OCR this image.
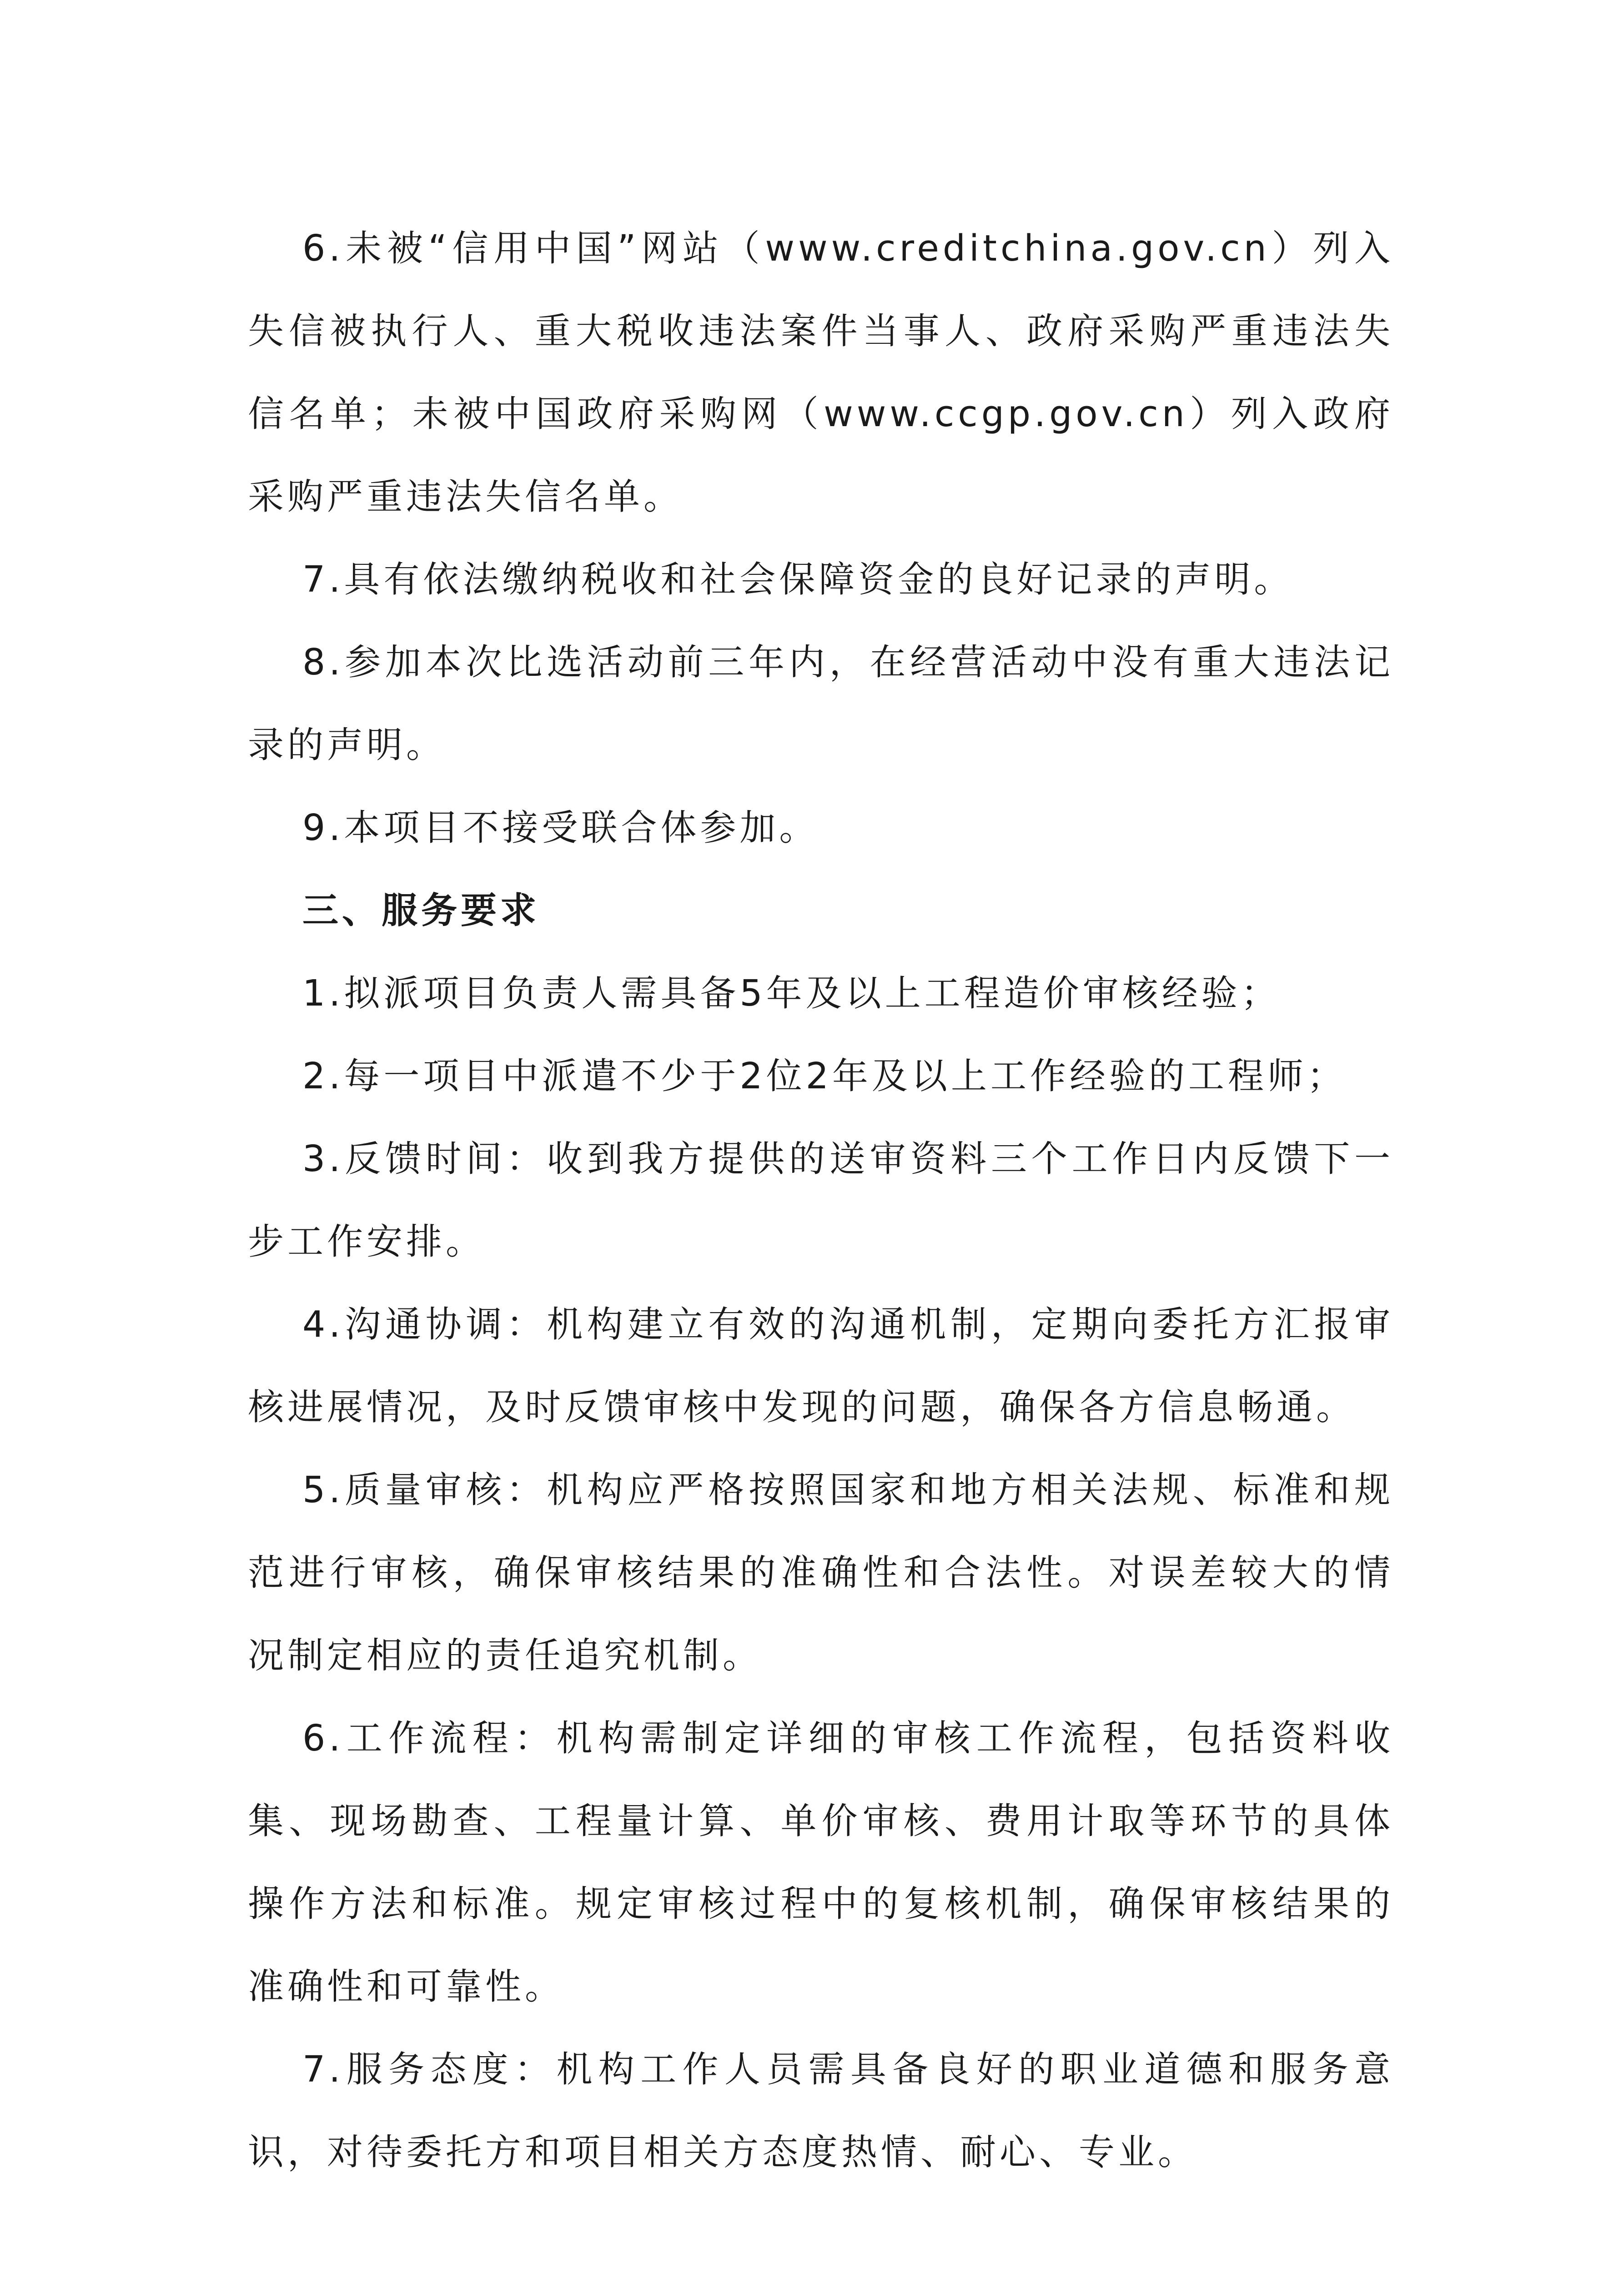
6.未被“信用中国”网站（www.creditchina.gov.cn）列入失信被执行人、重大税收违法案件当事人、政府采购严重违法失信名单；未被中国政府采购网（www.ccgp.gov.cn）列入政府采购严重违法失信名单。

7.具有依法缴纳税收和社会保障资金的良好记录的声明。

8.参加本次比选活动前三年内，在经营活动中没有重大违法记录的声明。

9.本项目不接受联合体参加。

三、服务要求

1.拟派项目负责人需具备5年及以上工程造价审核经验；

2.每一项目中派遣不少于2位2年及以上工作经验的工程师；

3.反馈时间：收到我方提供的送审资料三个工作日内反馈下一步工作安排。

4.沟通协调：机构建立有效的沟通机制，定期向委托方汇报审核进展情况，及时反馈审核中发现的问题，确保各方信息畅通。

5.质量审核：机构应严格按照国家和地方相关法规、标准和规范进行审核，确保审核结果的准确性和合法性。对误差较大的情况制定相应的责任追究机制。

6.工作流程：机构需制定详细的审核工作流程，包括资料收集、现场勘查、工程量计算、单价审核、费用计取等环节的具体操作方法和标准。规定审核过程中的复核机制，确保审核结果的准确性和可靠性。

7.服务态度：机构工作人员需具备良好的职业道德和服务意识，对待委托方和项目相关方态度热情、耐心、专业。
